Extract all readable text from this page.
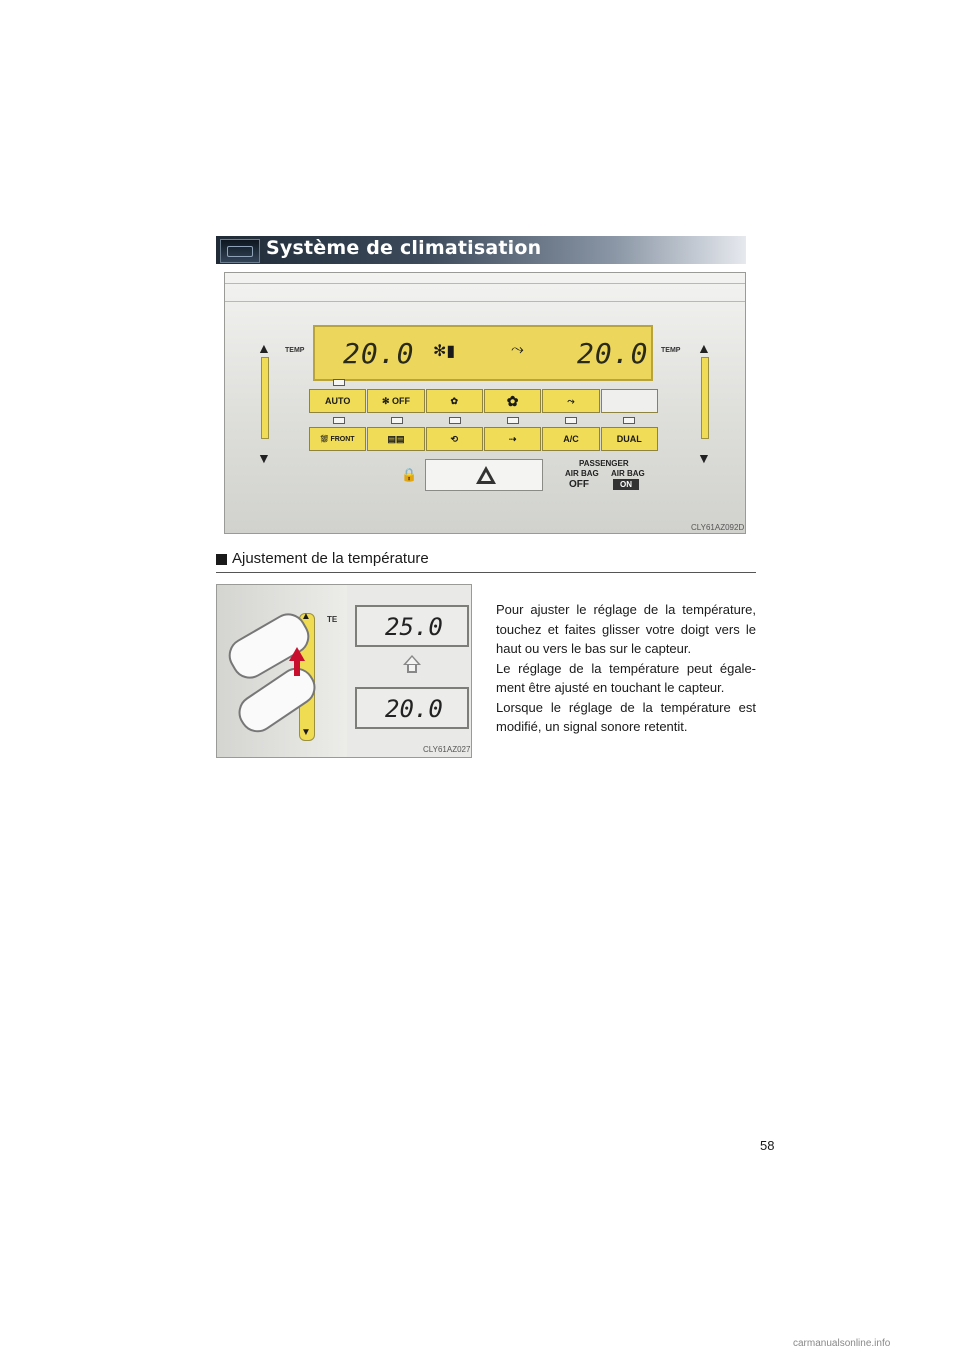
Système de climatisation
TEMP	TEMP
▲
▼
▲
▼
20.0 ✻▮	⤳ 20.0
AUTO	✻
OFF	✿	✿	⤳
⛆
FRONT	▤▤	⟲	⇢	A/C	DUAL
🔒
PASSENGER
AIR BAG AIR BAG
OFF	ON
CLY61AZ092D
Ajustement de la température
TE
▲
▼
25.0
20.0
CLY61AZ027

Pour ajuster le réglage de la température, touchez et faites glisser votre doigt vers le haut ou vers le bas sur le capteur.

Le réglage de la température peut égale-ment être ajusté en touchant le capteur.

Lorsque le réglage de la température est modifié, un signal sonore retentit.

58
carmanualsonline.info
